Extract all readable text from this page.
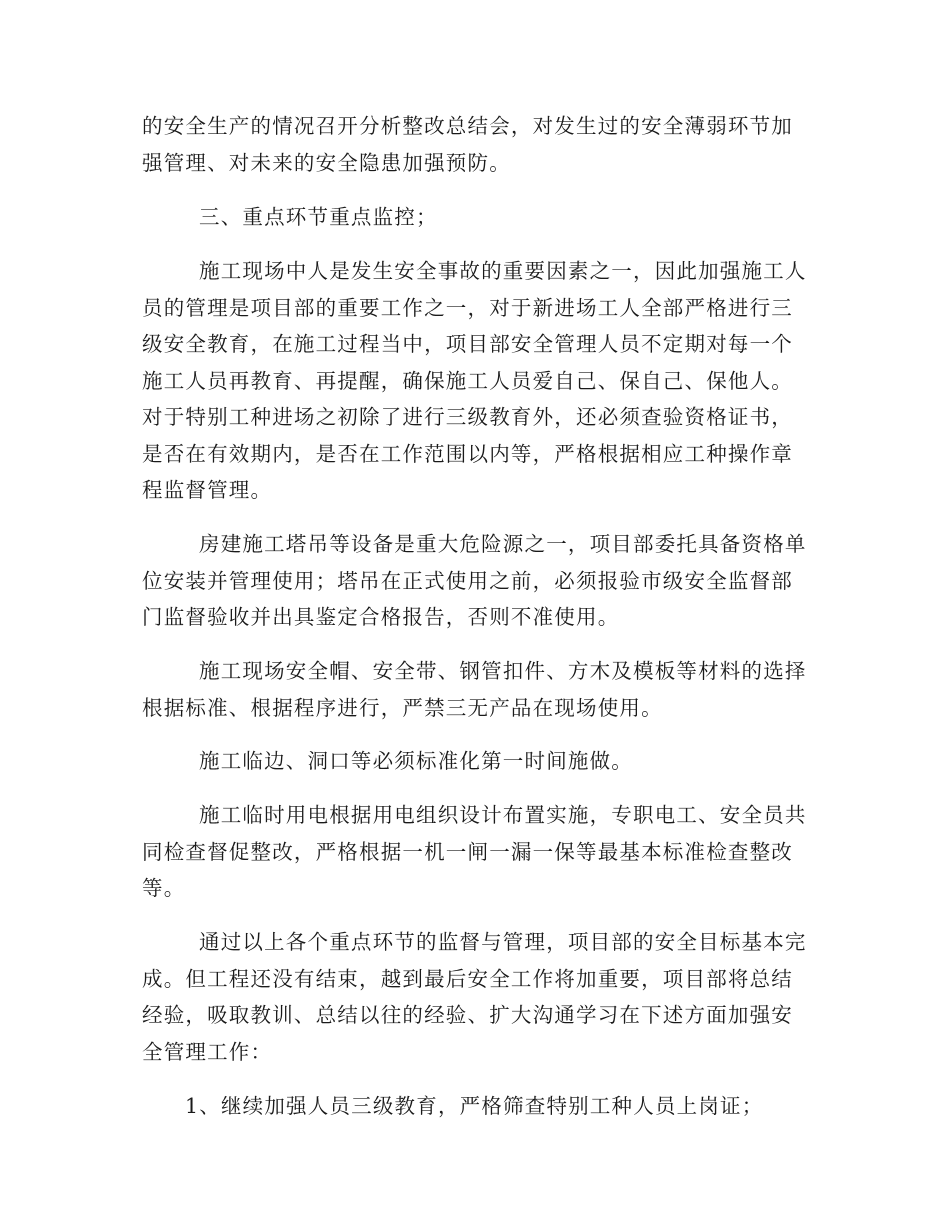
的安全生产的情况召开分析整改总结会，对发生过的安全薄弱环节加强管理、对未来的安全隐患加强预防。

三、重点环节重点监控；

施工现场中人是发生安全事故的重要因素之一，因此加强施工人员的管理是项目部的重要工作之一，对于新进场工人全部严格进行三级安全教育，在施工过程当中，项目部安全管理人员不定期对每一个施工人员再教育、再提醒，确保施工人员爱自己、保自己、保他人。对于特别工种进场之初除了进行三级教育外，还必须查验资格证书，是否在有效期内，是否在工作范围以内等，严格根据相应工种操作章程监督管理。

房建施工塔吊等设备是重大危险源之一，项目部委托具备资格单位安装并管理使用；塔吊在正式使用之前，必须报验市级安全监督部门监督验收并出具鉴定合格报告，否则不准使用。

施工现场安全帽、安全带、钢管扣件、方木及模板等材料的选择根据标准、根据程序进行，严禁三无产品在现场使用。

施工临边、洞口等必须标准化第一时间施做。

施工临时用电根据用电组织设计布置实施，专职电工、安全员共同检查督促整改，严格根据一机一闸一漏一保等最基本标准检查整改等。

通过以上各个重点环节的监督与管理，项目部的安全目标基本完成。但工程还没有结束，越到最后安全工作将加重要，项目部将总结经验，吸取教训、总结以往的经验、扩大沟通学习在下述方面加强安全管理工作：

1、继续加强人员三级教育，严格筛查特别工种人员上岗证；
